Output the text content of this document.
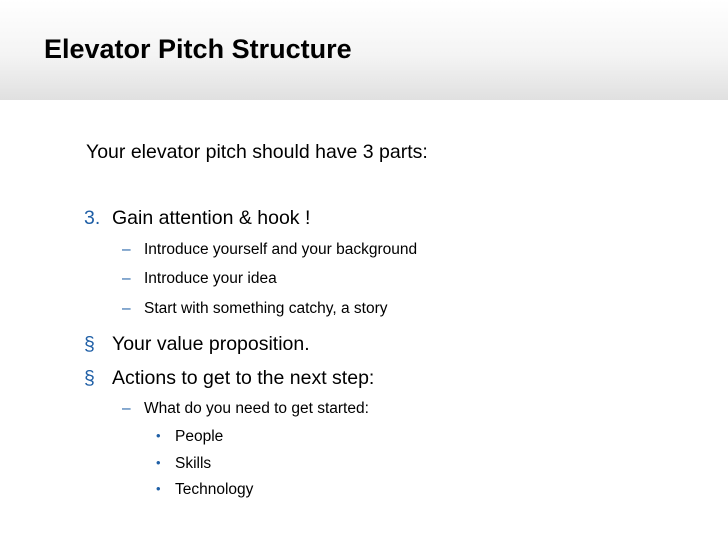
Elevator Pitch Structure
Your elevator pitch should have 3 parts:
3. Gain attention & hook !
– Introduce yourself and your background
– Introduce your idea
– Start with something catchy, a story
§ Your value proposition.
§ Actions to get to the next step:
– What do you need to get started:
• People
• Skills
• Technology
